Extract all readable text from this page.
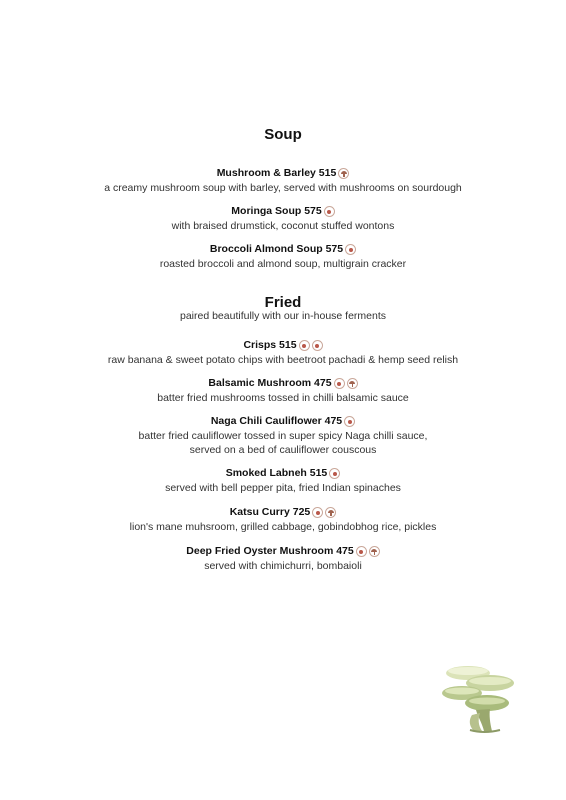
Soup
Mushroom & Barley 515
a creamy mushroom soup with barley, served with mushrooms on sourdough
Moringa Soup 575
with braised drumstick, coconut stuffed wontons
Broccoli Almond Soup 575
roasted broccoli and almond soup, multigrain cracker
Fried
paired beautifully with our in-house ferments
Crisps 515
raw banana & sweet potato chips with beetroot pachadi & hemp seed relish
Balsamic Mushroom 475
batter fried mushrooms tossed in chilli balsamic sauce
Naga Chili Cauliflower 475
batter fried cauliflower tossed in super spicy Naga chilli sauce,
served on a bed of cauliflower couscous
Smoked Labneh 515
served with bell pepper pita, fried Indian spinaches
Katsu Curry 725
lion's mane muhsroom, grilled cabbage, gobindobhog rice, pickles
Deep Fried Oyster Mushroom 475
served with chimichurri, bombaioli
